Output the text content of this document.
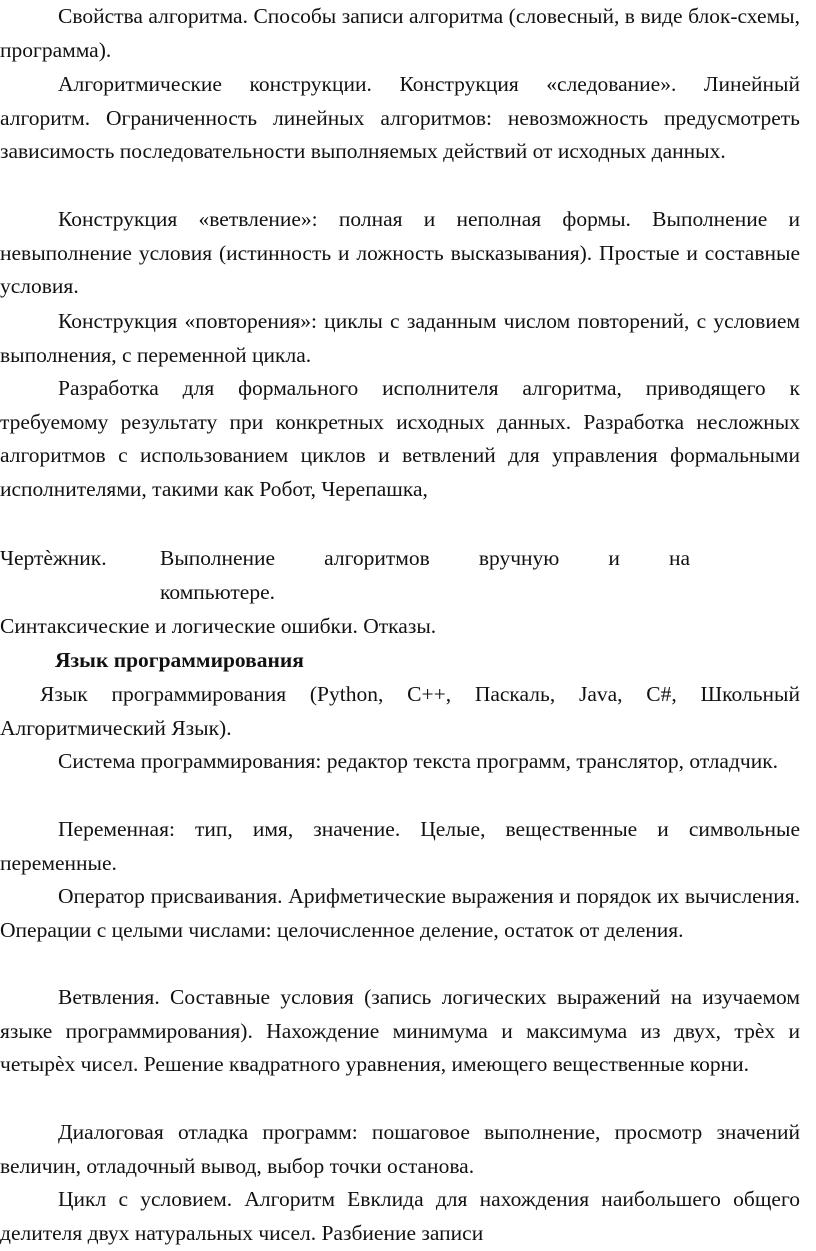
Свойства алгоритма. Способы записи алгоритма (словесный, в виде блок-схемы, программа).

Алгоритмические конструкции. Конструкция «следование». Линейный алгоритм. Ограниченность линейных алгоритмов: невозможность предусмотреть зависимость последовательности выполняемых действий от исходных данных.

Конструкция «ветвление»: полная и неполная формы. Выполнение и невыполнение условия (истинность и ложность высказывания). Простые и составные условия.

Конструкция «повторения»: циклы с заданным числом повторений, с условием выполнения, с переменной цикла.

Разработка для формального исполнителя алгоритма, приводящего к требуемому результату при конкретных исходных данных. Разработка несложных алгоритмов с использованием циклов и ветвлений для управления формальными исполнителями, такими как Робот, Черепашка,

Чертѐжник. Выполнение алгоритмов вручную и на
компьютере.

Синтаксические и логические ошибки. Отказы.

Язык программирования

Язык программирования (Python, C++, Паскаль, Java, C#, Школьный Алгоритмический Язык).

Система программирования: редактор текста программ, транслятор, отладчик.

Переменная: тип, имя, значение. Целые, вещественные и символьные переменные.

Оператор присваивания. Арифметические выражения и порядок их вычисления. Операции с целыми числами: целочисленное деление, остаток от деления.

Ветвления. Составные условия (запись логических выражений на изучаемом языке программирования). Нахождение минимума и максимума из двух, трѐх и четырѐх чисел. Решение квадратного уравнения, имеющего вещественные корни.

Диалоговая отладка программ: пошаговое выполнение, просмотр значений величин, отладочный вывод, выбор точки останова.

Цикл с условием. Алгоритм Евклида для нахождения наибольшего общего делителя двух натуральных чисел. Разбиение записи
